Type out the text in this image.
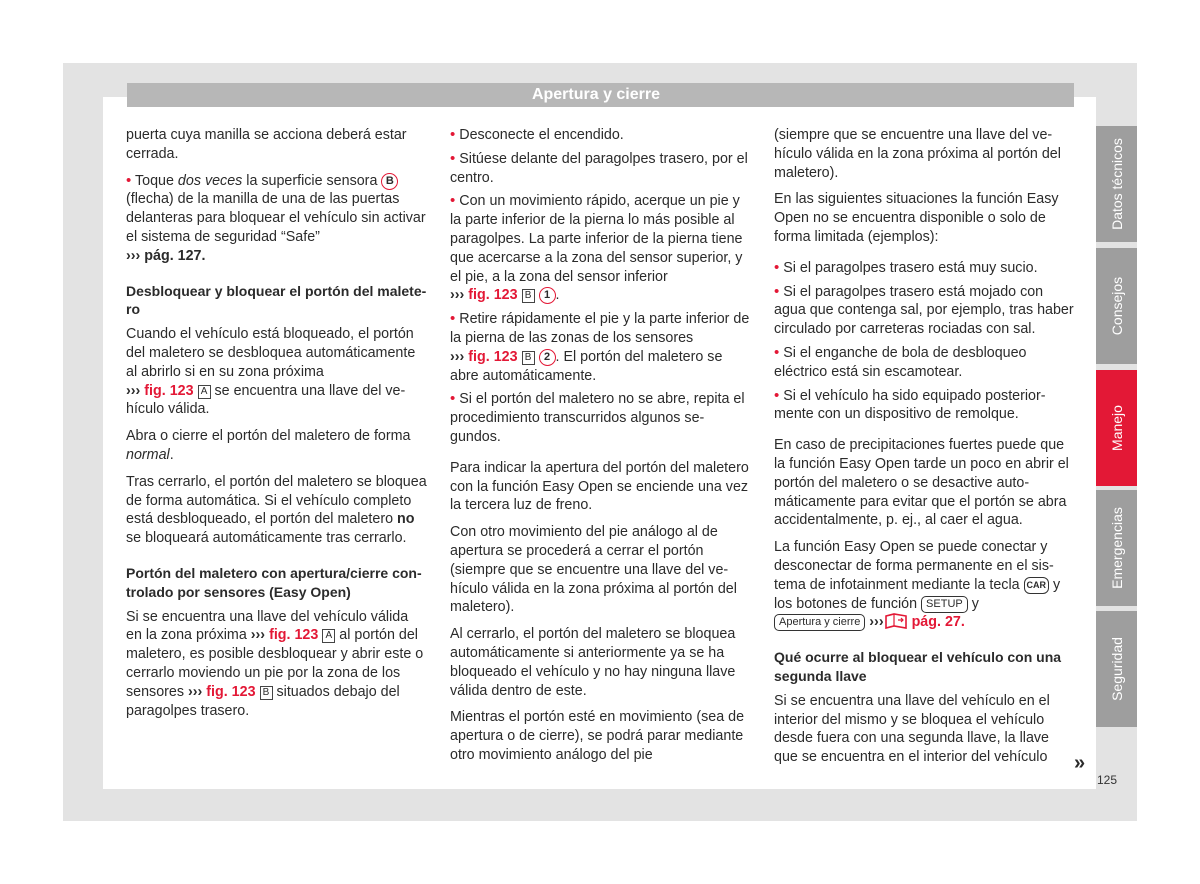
Apertura y cierre

puerta cuya manilla se acciona deberá estar cerrada.

• Toque dos veces la superficie sensora B (flecha) de la manilla de una de las puertas delanteras para bloquear el vehículo sin activar el sistema de seguridad “Safe”
››› pág. 127.

Desbloquear y bloquear el portón del maletero

Cuando el vehículo está bloqueado, el portón del maletero se desbloquea automáticamente al abrirlo si en su zona próxima
››› fig. 123 A se encuentra una llave del vehículo válida.

Abra o cierre el portón del maletero de forma normal.

Tras cerrarlo, el portón del maletero se bloquea de forma automática. Si el vehículo completo está desbloqueado, el portón del maletero no se bloqueará automáticamente tras cerrarlo.

Portón del maletero con apertura/cierre controlado por sensores (Easy Open)

Si se encuentra una llave del vehículo válida en la zona próxima ››› fig. 123 A al portón del maletero, es posible desbloquear y abrir este o cerrarlo moviendo un pie por la zona de los sensores ››› fig. 123 B situados debajo del paragolpes trasero.

• Desconecte el encendido.

• Sitúese delante del paragolpes trasero, por el centro.

• Con un movimiento rápido, acerque un pie y la parte inferior de la pierna lo más posible al paragolpes. La parte inferior de la pierna tiene que acercarse a la zona del sensor superior, y el pie, a la zona del sensor inferior
››› fig. 123 B 1 .

• Retire rápidamente el pie y la parte inferior de la pierna de las zonas de los sensores
››› fig. 123 B 2 . El portón del maletero se abre automáticamente.

• Si el portón del maletero no se abre, repita el procedimiento transcurridos algunos segundos.

Para indicar la apertura del portón del maletero con la función Easy Open se enciende una vez la tercera luz de freno.

Con otro movimiento del pie análogo al de apertura se procederá a cerrar el portón (siempre que se encuentre una llave del vehículo válida en la zona próxima al portón del maletero).

Al cerrarlo, el portón del maletero se bloquea automáticamente si anteriormente ya se ha bloqueado el vehículo y no hay ninguna llave válida dentro de este.

Mientras el portón esté en movimiento (sea de apertura o de cierre), se podrá parar mediante otro movimiento análogo del pie

(siempre que se encuentre una llave del vehículo válida en la zona próxima al portón del maletero).

En las siguientes situaciones la función Easy Open no se encuentra disponible o solo de forma limitada (ejemplos):

• Si el paragolpes trasero está muy sucio.

• Si el paragolpes trasero está mojado con agua que contenga sal, por ejemplo, tras haber circulado por carreteras rociadas con sal.

• Si el enganche de bola de desbloqueo eléctrico está sin escamotear.

• Si el vehículo ha sido equipado posteriormente con un dispositivo de remolque.

En caso de precipitaciones fuertes puede que la función Easy Open tarde un poco en abrir el portón del maletero o se desactive automáticamente para evitar que el portón se abra accidentalmente, p. ej., al caer el agua.

La función Easy Open se puede conectar y desconectar de forma permanente en el sistema de infotainment mediante la tecla CAR y los botones de función SETUP y
Apertura y cierre ››› pág. 27.

Qué ocurre al bloquear el vehículo con una segunda llave

Si se encuentra una llave del vehículo en el interior del mismo y se bloquea el vehículo desde fuera con una segunda llave, la llave que se encuentra en el interior del vehículo

Datos técnicos
Consejos
Manejo
Emergencias
Seguridad
»
125
